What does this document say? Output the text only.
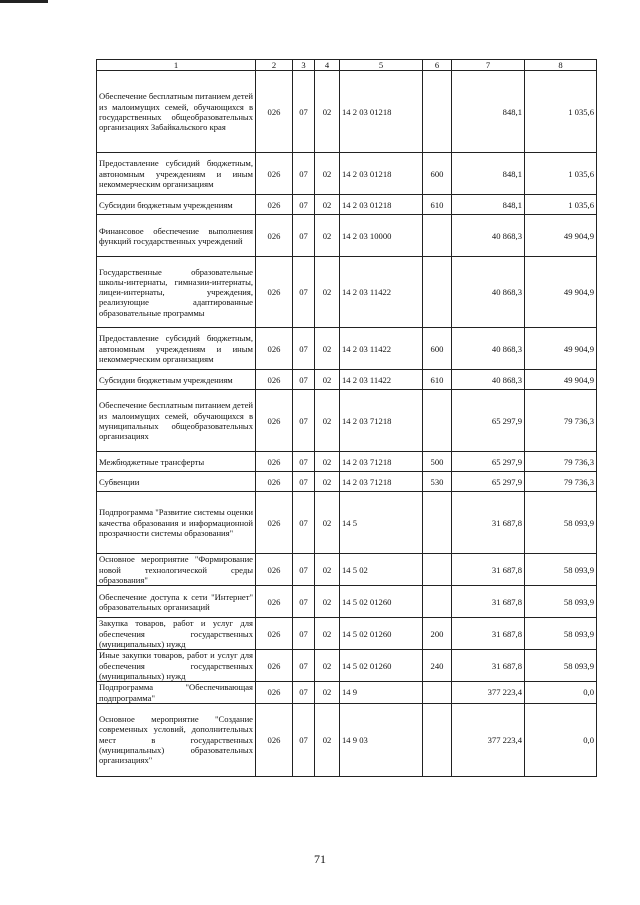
1	2	3	4	5	6	7	8
Обеспечение бесплатным питанием детей из малоимущих семей, обучающихся в государственных общеобразовательных организациях Забайкальского края	026	07	02	14 2 03 01218		848,1	1 035,6
Предоставление субсидий бюджетным, автономным учреждениям и иным некоммерческим организациям	026	07	02	14 2 03 01218	600	848,1	1 035,6
Субсидии бюджетным учреждениям	026	07	02	14 2 03 01218	610	848,1	1 035,6
Финансовое обеспечение выполнения функций государственных учреждений	026	07	02	14 2 03 10000		40 868,3	49 904,9
Государственные образовательные школы-интернаты, гимназии-интернаты, лицеи-интернаты, учреждения, реализующие адаптированные образовательные программы	026	07	02	14 2 03 11422		40 868,3	49 904,9
Предоставление субсидий бюджетным, автономным учреждениям и иным некоммерческим организациям	026	07	02	14 2 03 11422	600	40 868,3	49 904,9
Субсидии бюджетным учреждениям	026	07	02	14 2 03 11422	610	40 868,3	49 904,9
Обеспечение бесплатным питанием детей из малоимущих семей, обучающихся в муниципальных общеобразовательных организациях	026	07	02	14 2 03 71218		65 297,9	79 736,3
Межбюджетные трансферты	026	07	02	14 2 03 71218	500	65 297,9	79 736,3
Субвенции	026	07	02	14 2 03 71218	530	65 297,9	79 736,3
Подпрограмма "Развитие системы оценки качества образования и информационной прозрачности системы образования"	026	07	02	14 5		31 687,8	58 093,9
Основное мероприятие "Формирование новой технологической среды образования"	026	07	02	14 5 02		31 687,8	58 093,9
Обеспечение доступа к сети "Интернет" образовательных организаций	026	07	02	14 5 02 01260		31 687,8	58 093,9
Закупка товаров, работ и услуг для обеспечения государственных (муниципальных) нужд	026	07	02	14 5 02 01260	200	31 687,8	58 093,9
Иные закупки товаров, работ и услуг для обеспечения государственных (муниципальных) нужд	026	07	02	14 5 02 01260	240	31 687,8	58 093,9
Подпрограмма "Обеспечивающая подпрограмма"	026	07	02	14 9		377 223,4	0,0
Основное мероприятие "Создание современных условий, дополнительных мест в государственных (муниципальных) образовательных организациях"	026	07	02	14 9 03		377 223,4	0,0
71
